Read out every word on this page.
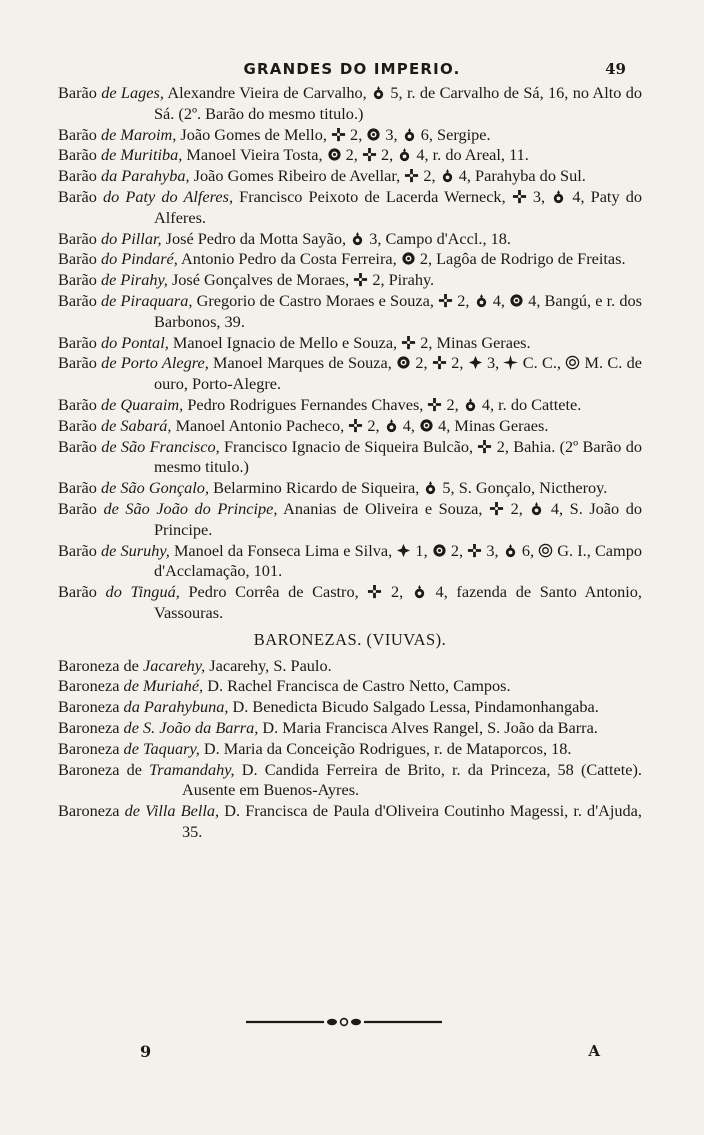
GRANDES DO IMPERIO.	49

Barão de Lages, Alexandre Vieira de Carvalho,
5, r. de Carvalho de Sá, 16, no Alto do Sá. (2º. Barão do mesmo titulo.)

Barão de Maroim, João Gomes de Mello,
2,
3,
6, Sergipe.

Barão de Muritiba, Manoel Vieira Tosta,
2,
2,
4, r. do Areal, 11.

Barão da Parahyba, João Gomes Ribeiro de Avellar,
2,
4, Parahyba do Sul.

Barão do Paty do Alferes, Francisco Peixoto de Lacerda Werneck,
3,
4, Paty do Alferes.

Barão do Pillar, José Pedro da Motta Sayão,
3, Campo d'Accl., 18.

Barão do Pindaré, Antonio Pedro da Costa Ferreira,
2, Lagôa de Rodrigo de Freitas.

Barão de Pirahy, José Gonçalves de Moraes,
2, Pirahy.

Barão de Piraquara, Gregorio de Castro Moraes e Souza,
2,
4,
4, Bangú, e r. dos Barbonos, 39.

Barão do Pontal, Manoel Ignacio de Mello e Souza,
2, Minas Geraes.

Barão de Porto Alegre, Manoel Marques de Souza,
2,
2,
3,
C. C.,
M. C. de ouro, Porto-Alegre.

Barão de Quaraim, Pedro Rodrigues Fernandes Chaves,
2,
4, r. do Cattete.

Barão de Sabará, Manoel Antonio Pacheco,
2,
4,
4, Minas Geraes.

Barão de São Francisco, Francisco Ignacio de Siqueira Bulcão,
2, Bahia. (2º Barão do mesmo titulo.)

Barão de São Gonçalo, Belarmino Ricardo de Siqueira,
5, S. Gonçalo, Nictheroy.

Barão de São João do Principe, Ananias de Oliveira e Souza,
2,
4, S. João do Principe.

Barão de Suruhy, Manoel da Fonseca Lima e Silva,
1,
2,
3,
6,
G. I., Campo d'Acclamação, 101.

Barão do Tinguá, Pedro Corrêa de Castro,
2,
4, fazenda de Santo Antonio, Vassouras.

BARONEZAS. (VIUVAS).

Baroneza de Jacarehy, Jacarehy, S. Paulo.

Baroneza de Muriahé, D. Rachel Francisca de Castro Netto, Campos.

Baroneza da Parahybuna, D. Benedicta Bicudo Salgado Lessa, Pindamonhangaba.

Baroneza de S. João da Barra, D. Maria Francisca Alves Rangel, S. João da Barra.

Baroneza de Taquary, D. Maria da Conceição Rodrigues, r. de Mataporcos, 18.

Baroneza de Tramandahy, D. Candida Ferreira de Brito, r. da Princeza, 58 (Cattete). Ausente em Buenos-Ayres.

Baroneza de Villa Bella, D. Francisca de Paula d'Oliveira Coutinho Magessi, r. d'Ajuda, 35.

9	A
